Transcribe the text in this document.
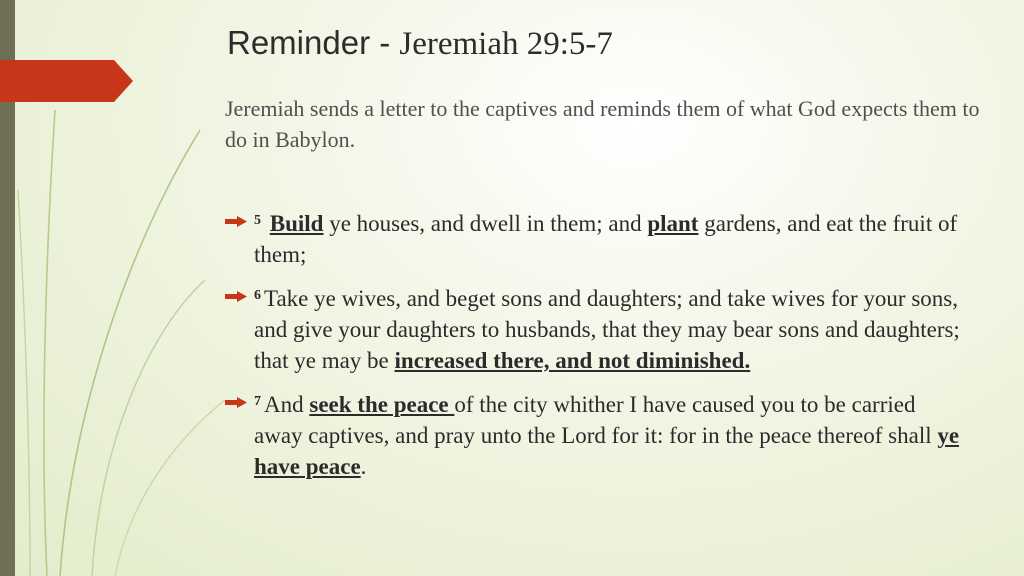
Reminder - Jeremiah 29:5-7
Jeremiah sends a letter to the captives and reminds them of what God expects them to do in Babylon.
$^5$ Build ye houses, and dwell in them; and plant gardens, and eat the fruit of them;
$^6$ Take ye wives, and beget sons and daughters; and take wives for your sons, and give your daughters to husbands, that they may bear sons and daughters; that ye may be increased there, and not diminished.
$^7$ And seek the peace of the city whither I have caused you to be carried away captives, and pray unto the Lord for it: for in the peace thereof shall ye have peace.
